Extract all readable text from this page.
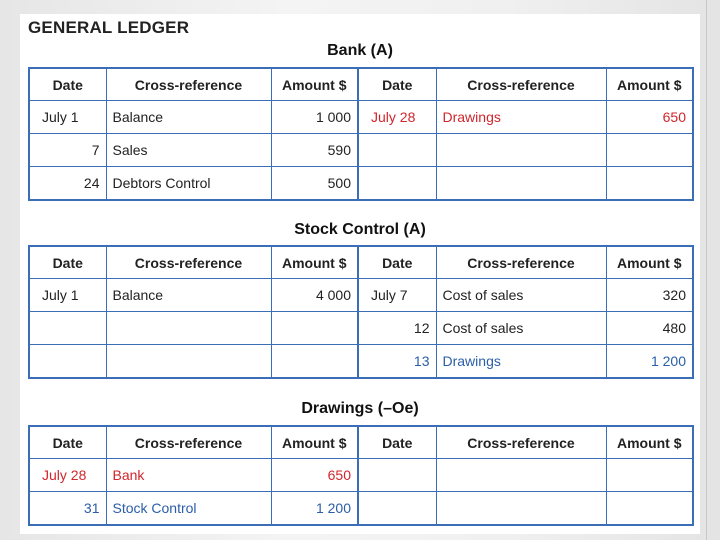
GENERAL LEDGER
Bank (A)
Date	Cross-reference	Amount $	Date	Cross-reference	Amount $
July 1	Balance	1 000	July 28	Drawings	650
7	Sales	590			
24	Debtors Control	500			
Stock Control (A)
Date	Cross-reference	Amount $	Date	Cross-reference	Amount $
July 1	Balance	4 000	July 7	Cost of sales	320
			12	Cost of sales	480
			13	Drawings	1 200
Drawings (–Oe)
Date	Cross-reference	Amount $	Date	Cross-reference	Amount $
July 28	Bank	650			
31	Stock Control	1 200			
